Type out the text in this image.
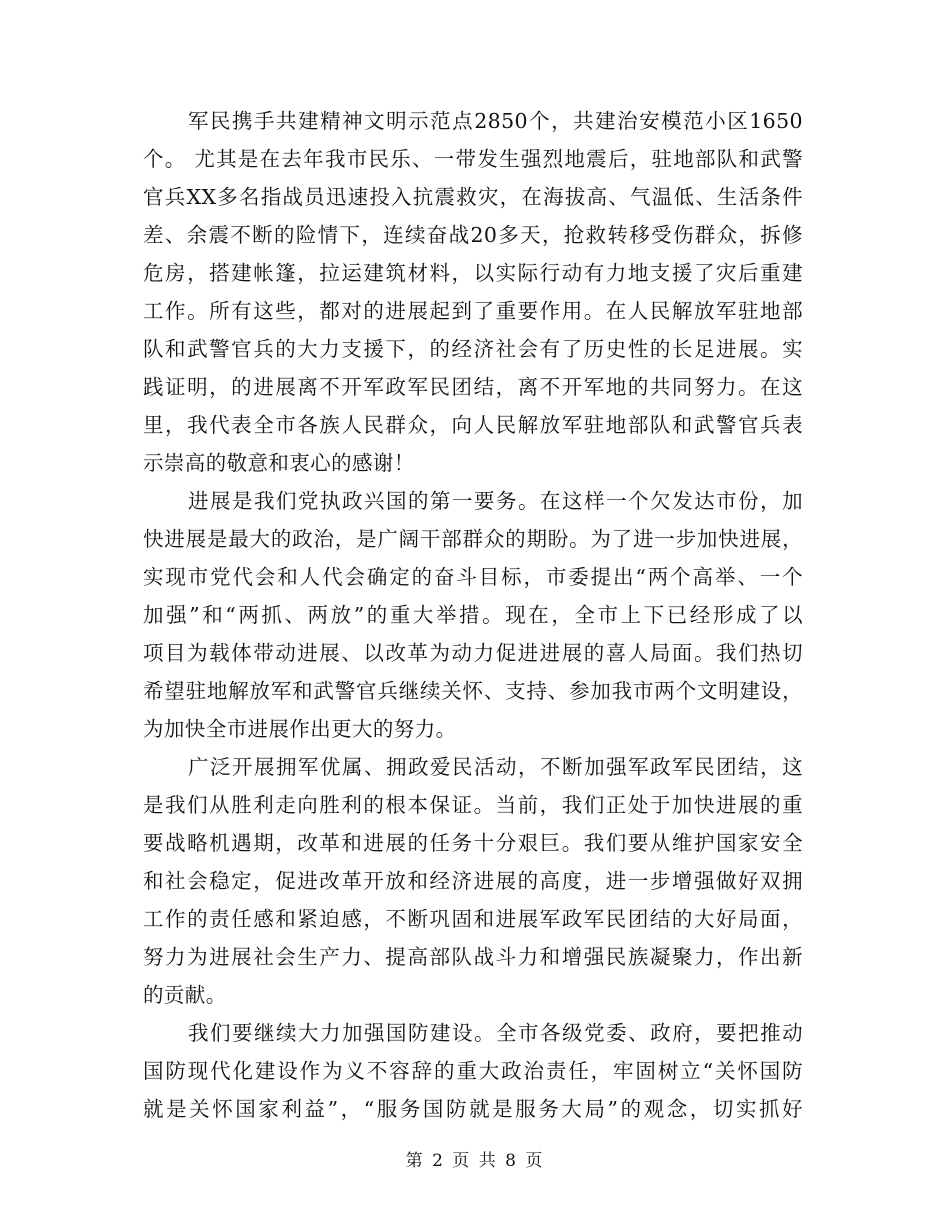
军民携手共建精神文明示范点2850个，共建治安模范小区1650
个。 尤其是在去年我市民乐、一带发生强烈地震后，驻地部队和武警
官兵XX多名指战员迅速投入抗震救灾，在海拔高、气温低、生活条件
差、余震不断的险情下，连续奋战20多天，抢救转移受伤群众，拆修
危房，搭建帐篷，拉运建筑材料，以实际行动有力地支援了灾后重建
工作。所有这些，都对的进展起到了重要作用。在人民解放军驻地部
队和武警官兵的大力支援下，的经济社会有了历史性的长足进展。实
践证明，的进展离不开军政军民团结，离不开军地的共同努力。在这
里，我代表全市各族人民群众，向人民解放军驻地部队和武警官兵表
示崇高的敬意和衷心的感谢！
进展是我们党执政兴国的第一要务。在这样一个欠发达市份，加
快进展是最大的政治，是广阔干部群众的期盼。为了进一步加快进展，
实现市党代会和人代会确定的奋斗目标，市委提出“两个高举、一个
加强”和“两抓、两放”的重大举措。现在，全市上下已经形成了以
项目为载体带动进展、以改革为动力促进进展的喜人局面。我们热切
希望驻地解放军和武警官兵继续关怀、支持、参加我市两个文明建设，
为加快全市进展作出更大的努力。
广泛开展拥军优属、拥政爱民活动，不断加强军政军民团结，这
是我们从胜利走向胜利的根本保证。当前，我们正处于加快进展的重
要战略机遇期，改革和进展的任务十分艰巨。我们要从维护国家安全
和社会稳定，促进改革开放和经济进展的高度，进一步增强做好双拥
工作的责任感和紧迫感，不断巩固和进展军政军民团结的大好局面，
努力为进展社会生产力、提高部队战斗力和增强民族凝聚力，作出新
的贡献。
我们要继续大力加强国防建设。全市各级党委、政府，要把推动
国防现代化建设作为义不容辞的重大政治责任，牢固树立“关怀国防
就是关怀国家利益”，“服务国防就是服务大局”的观念，切实抓好
第 2 页 共 8 页
